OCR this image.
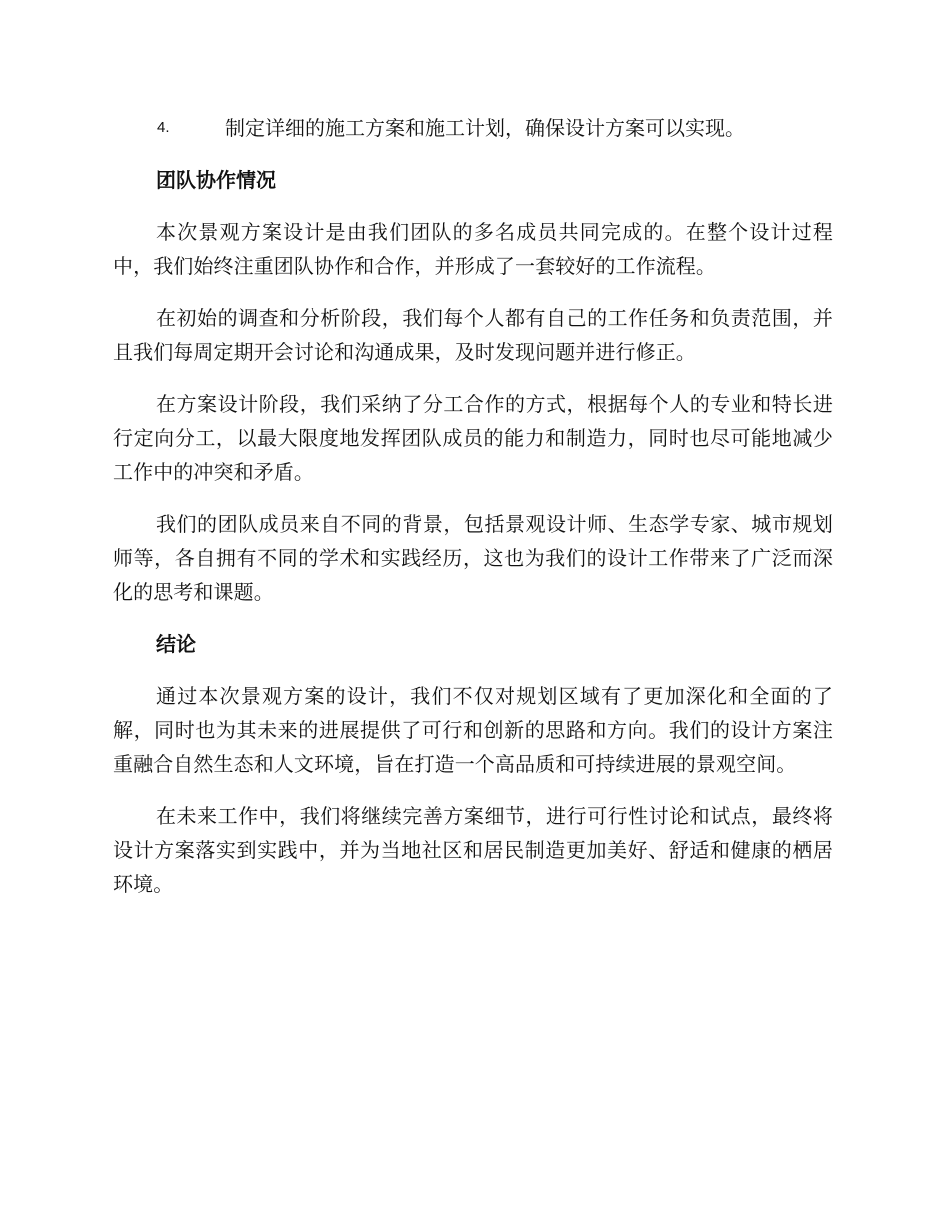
4.	制定详细的施工方案和施工计划，确保设计方案可以实现。
团队协作情况

本次景观方案设计是由我们团队的多名成员共同完成的。在整个设计过程中，我们始终注重团队协作和合作，并形成了一套较好的工作流程。

在初始的调查和分析阶段，我们每个人都有自己的工作任务和负责范围，并且我们每周定期开会讨论和沟通成果，及时发现问题并进行修正。

在方案设计阶段，我们采纳了分工合作的方式，根据每个人的专业和特长进行定向分工，以最大限度地发挥团队成员的能力和制造力，同时也尽可能地减少工作中的冲突和矛盾。

我们的团队成员来自不同的背景，包括景观设计师、生态学专家、城市规划师等，各自拥有不同的学术和实践经历，这也为我们的设计工作带来了广泛而深化的思考和课题。

结论

通过本次景观方案的设计，我们不仅对规划区域有了更加深化和全面的了解，同时也为其未来的进展提供了可行和创新的思路和方向。我们的设计方案注重融合自然生态和人文环境，旨在打造一个高品质和可持续进展的景观空间。

在未来工作中，我们将继续完善方案细节，进行可行性讨论和试点，最终将设计方案落实到实践中，并为当地社区和居民制造更加美好、舒适和健康的栖居环境。
